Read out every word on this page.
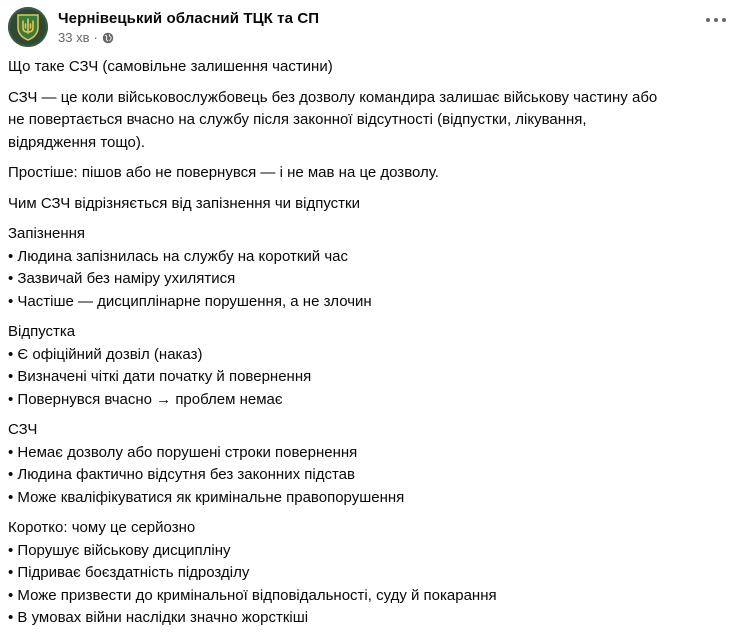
Чернівецький обласний ТЦК та СП
33 хв ·

Що таке СЗЧ (самовільне залишення частини)

СЗЧ — це коли військовослужбовець без дозволу командира залишає військову частину або
не повертається вчасно на службу після законної відсутності (відпустки, лікування,
відрядження тощо).

Простіше: пішов або не повернувся — і не мав на це дозволу.

Чим СЗЧ відрізняється від запізнення чи відпустки

Запізнення
• Людина запізнилась на службу на короткий час
• Зазвичай без наміру ухилятися
• Частіше — дисциплінарне порушення, а не злочин
Відпустка
• Є офіційний дозвіл (наказ)
• Визначені чіткі дати початку й повернення
• Повернувся вчасно → проблем немає
СЗЧ
• Немає дозволу або порушені строки повернення
• Людина фактично відсутня без законних підстав
• Може кваліфікуватися як кримінальне правопорушення
Коротко: чому це серйозно
• Порушує військову дисципліну
• Підриває боєздатність підрозділу
• Може призвести до кримінальної відповідальності, суду й покарання
• В умовах війни наслідки значно жорсткіші
